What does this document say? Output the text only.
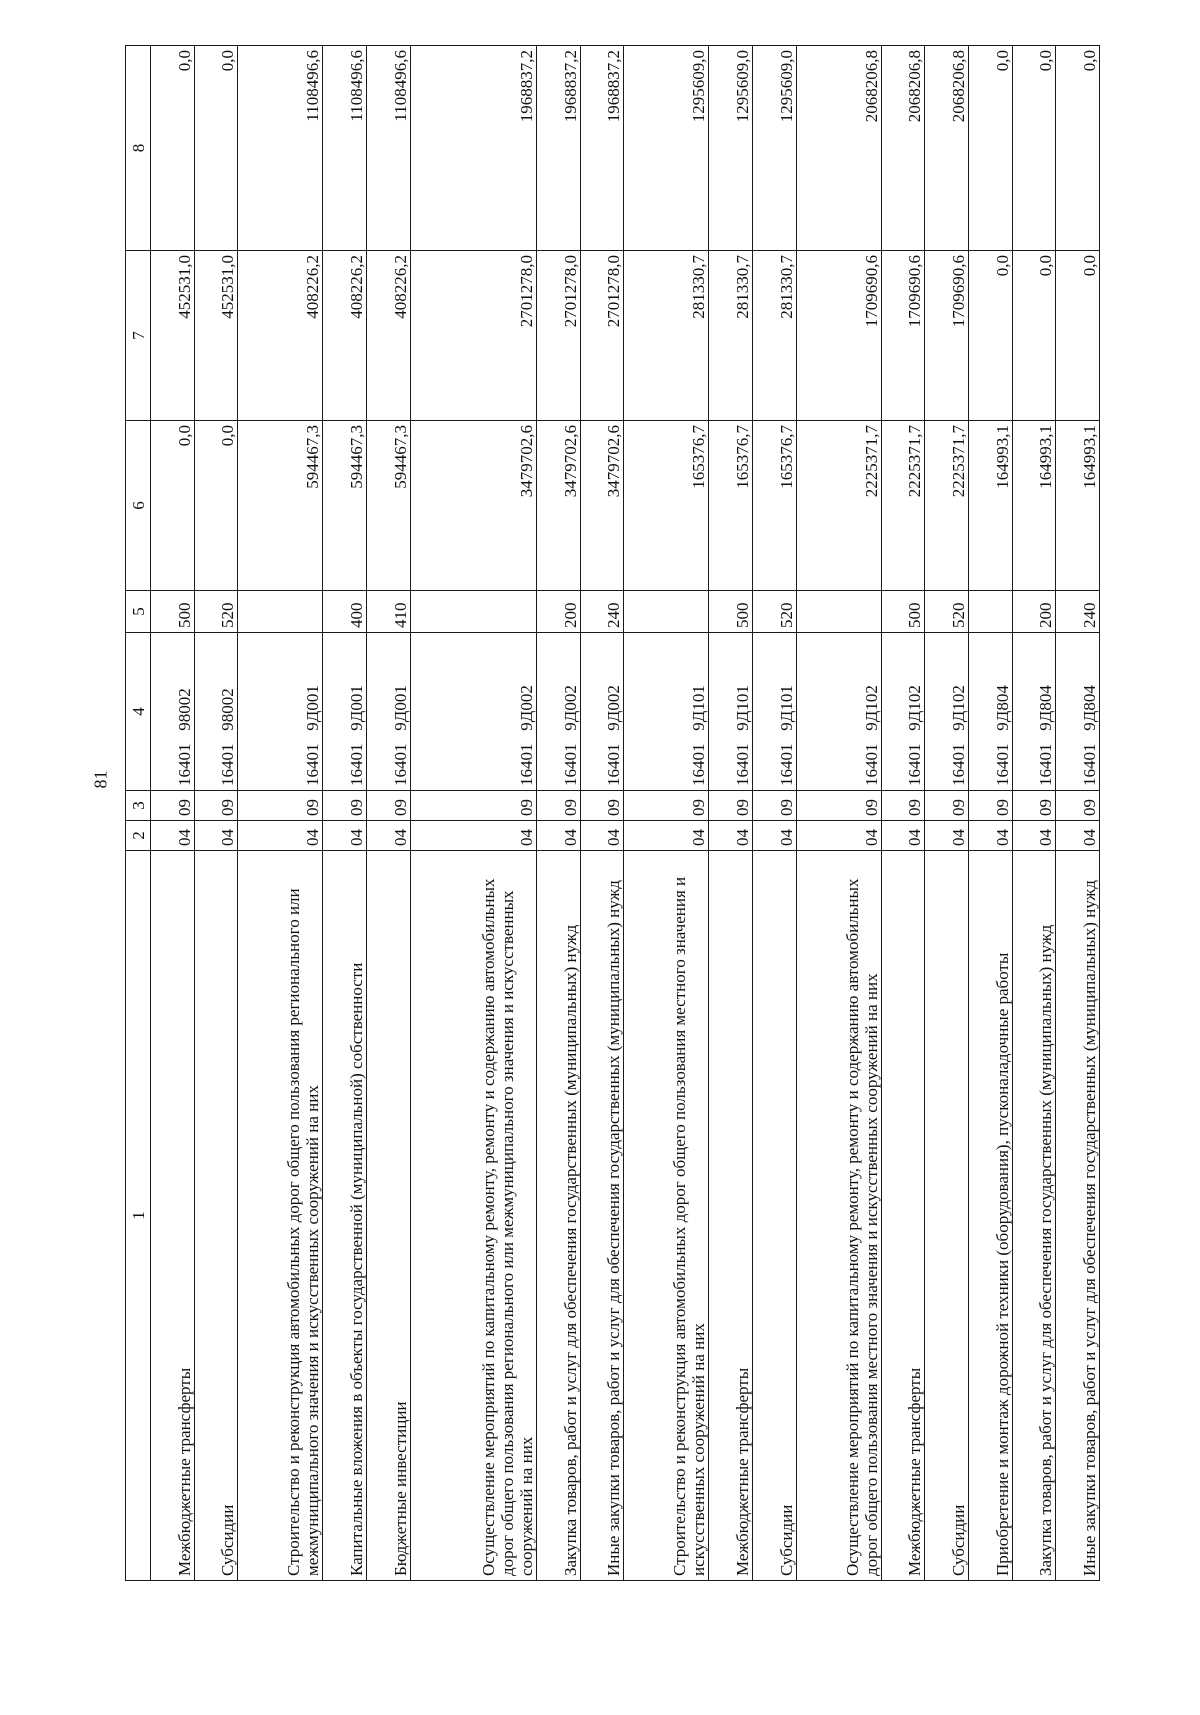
81
1	2	3	4	5	6	7	8
Межбюджетные трансферты	04	09	16401   98002	500	0,0	452531,0	0,0
Субсидии	04	09	16401   98002	520	0,0	452531,0	0,0
Строительство и реконструкция автомобильных дорог общего пользования регионального или межмуниципального значения и искусственных сооружений на них	04	09	16401   9Д001		594467,3	408226,2	1108496,6
Капитальные вложения в объекты государственной (муниципальной) собственности	04	09	16401   9Д001	400	594467,3	408226,2	1108496,6
Бюджетные инвестиции	04	09	16401   9Д001	410	594467,3	408226,2	1108496,6
Осуществление мероприятий по капитальному ремонту, ремонту и содержанию автомобильных дорог общего пользования регионального или межмуниципального значения и искусственных сооружений на них	04	09	16401   9Д002		3479702,6	2701278,0	1968837,2
Закупка товаров, работ и услуг для обеспечения государственных (муниципальных) нужд	04	09	16401   9Д002	200	3479702,6	2701278,0	1968837,2
Иные закупки товаров, работ и услуг для обеспечения государственных (муниципальных) нужд	04	09	16401   9Д002	240	3479702,6	2701278,0	1968837,2
Строительство и реконструкция автомобильных дорог общего пользования местного значения и искусственных сооружений на них	04	09	16401   9Д101		165376,7	281330,7	1295609,0
Межбюджетные трансферты	04	09	16401   9Д101	500	165376,7	281330,7	1295609,0
Субсидии	04	09	16401   9Д101	520	165376,7	281330,7	1295609,0
Осуществление мероприятий по капитальному ремонту, ремонту и содержанию автомобильных дорог общего пользования местного значения и искусственных сооружений на них	04	09	16401   9Д102		2225371,7	1709690,6	2068206,8
Межбюджетные трансферты	04	09	16401   9Д102	500	2225371,7	1709690,6	2068206,8
Субсидии	04	09	16401   9Д102	520	2225371,7	1709690,6	2068206,8
Приобретение и монтаж дорожной техники (оборудования), пусконаладочные работы	04	09	16401   9Д804		164993,1	0,0	0,0
Закупка товаров, работ и услуг для обеспечения государственных (муниципальных) нужд	04	09	16401   9Д804	200	164993,1	0,0	0,0
Иные закупки товаров, работ и услуг для обеспечения государственных (муниципальных) нужд	04	09	16401   9Д804	240	164993,1	0,0	0,0
